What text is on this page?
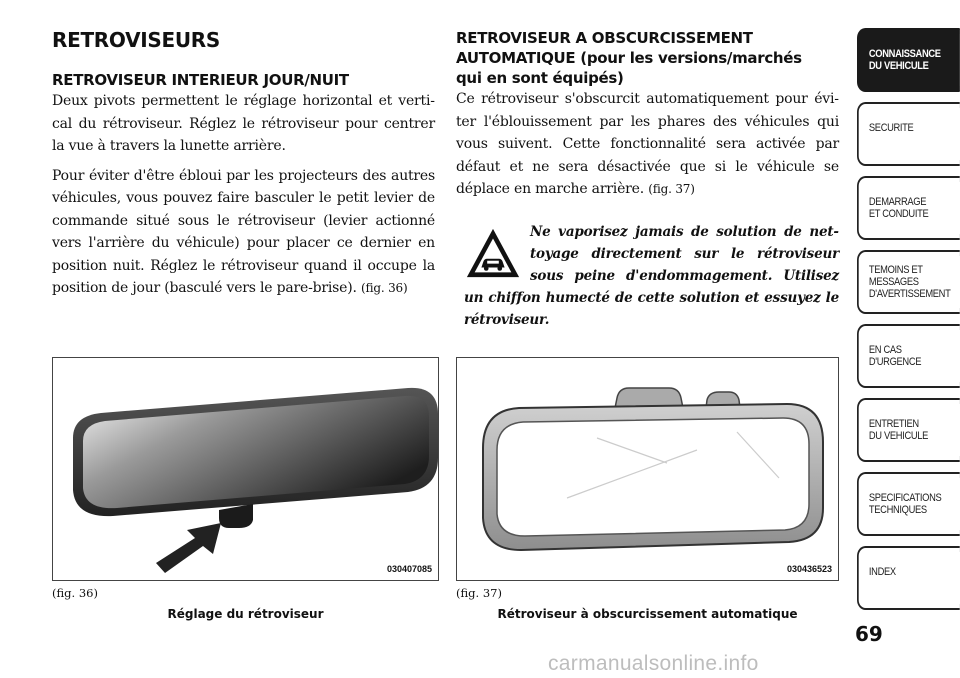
RETROVISEURS
RETROVISEUR INTERIEUR JOUR/NUIT

Deux pivots permettent le réglage horizontal et vertical du rétroviseur. Réglez le rétroviseur pour centrer la vue à travers la lunette arrière.

Pour éviter d'être ébloui par les projecteurs des autres véhicules, vous pouvez faire basculer le petit levier de commande situé sous le rétroviseur (levier actionné vers l'arrière du véhicule) pour placer ce dernier en position nuit. Réglez le rétroviseur quand il occupe la position de jour (basculé vers le pare-brise). (fig. 36)

RETROVISEUR A OBSCURCISSEMENT
AUTOMATIQUE (pour les versions/marchés
qui en sont équipés)

Ce rétroviseur s'obscurcit automatiquement pour éviter l'éblouissement par les phares des véhicules qui vous suivent. Cette fonctionnalité sera activée par défaut et ne sera désactivée que si le véhicule se déplace en marche arrière. (fig. 37)

Ne vaporisez jamais de solution de nettoyage directement sur le rétroviseur sous peine d'endommagement. Utilisez un chiffon humecté de cette solution et essuyez le rétroviseur.

030407085
(fig. 36)
Réglage du rétroviseur
030436523
(fig. 37)
Rétroviseur à obscurcissement automatique
CONNAISSANCE
DU VEHICULE
SECURITE
DEMARRAGE
ET CONDUITE
TEMOINS ET
MESSAGES
D'AVERTISSEMENT
EN CAS
D'URGENCE
ENTRETIEN
DU VEHICULE
SPECIFICATIONS
TECHNIQUES
INDEX
69
carmanualsonline.info
